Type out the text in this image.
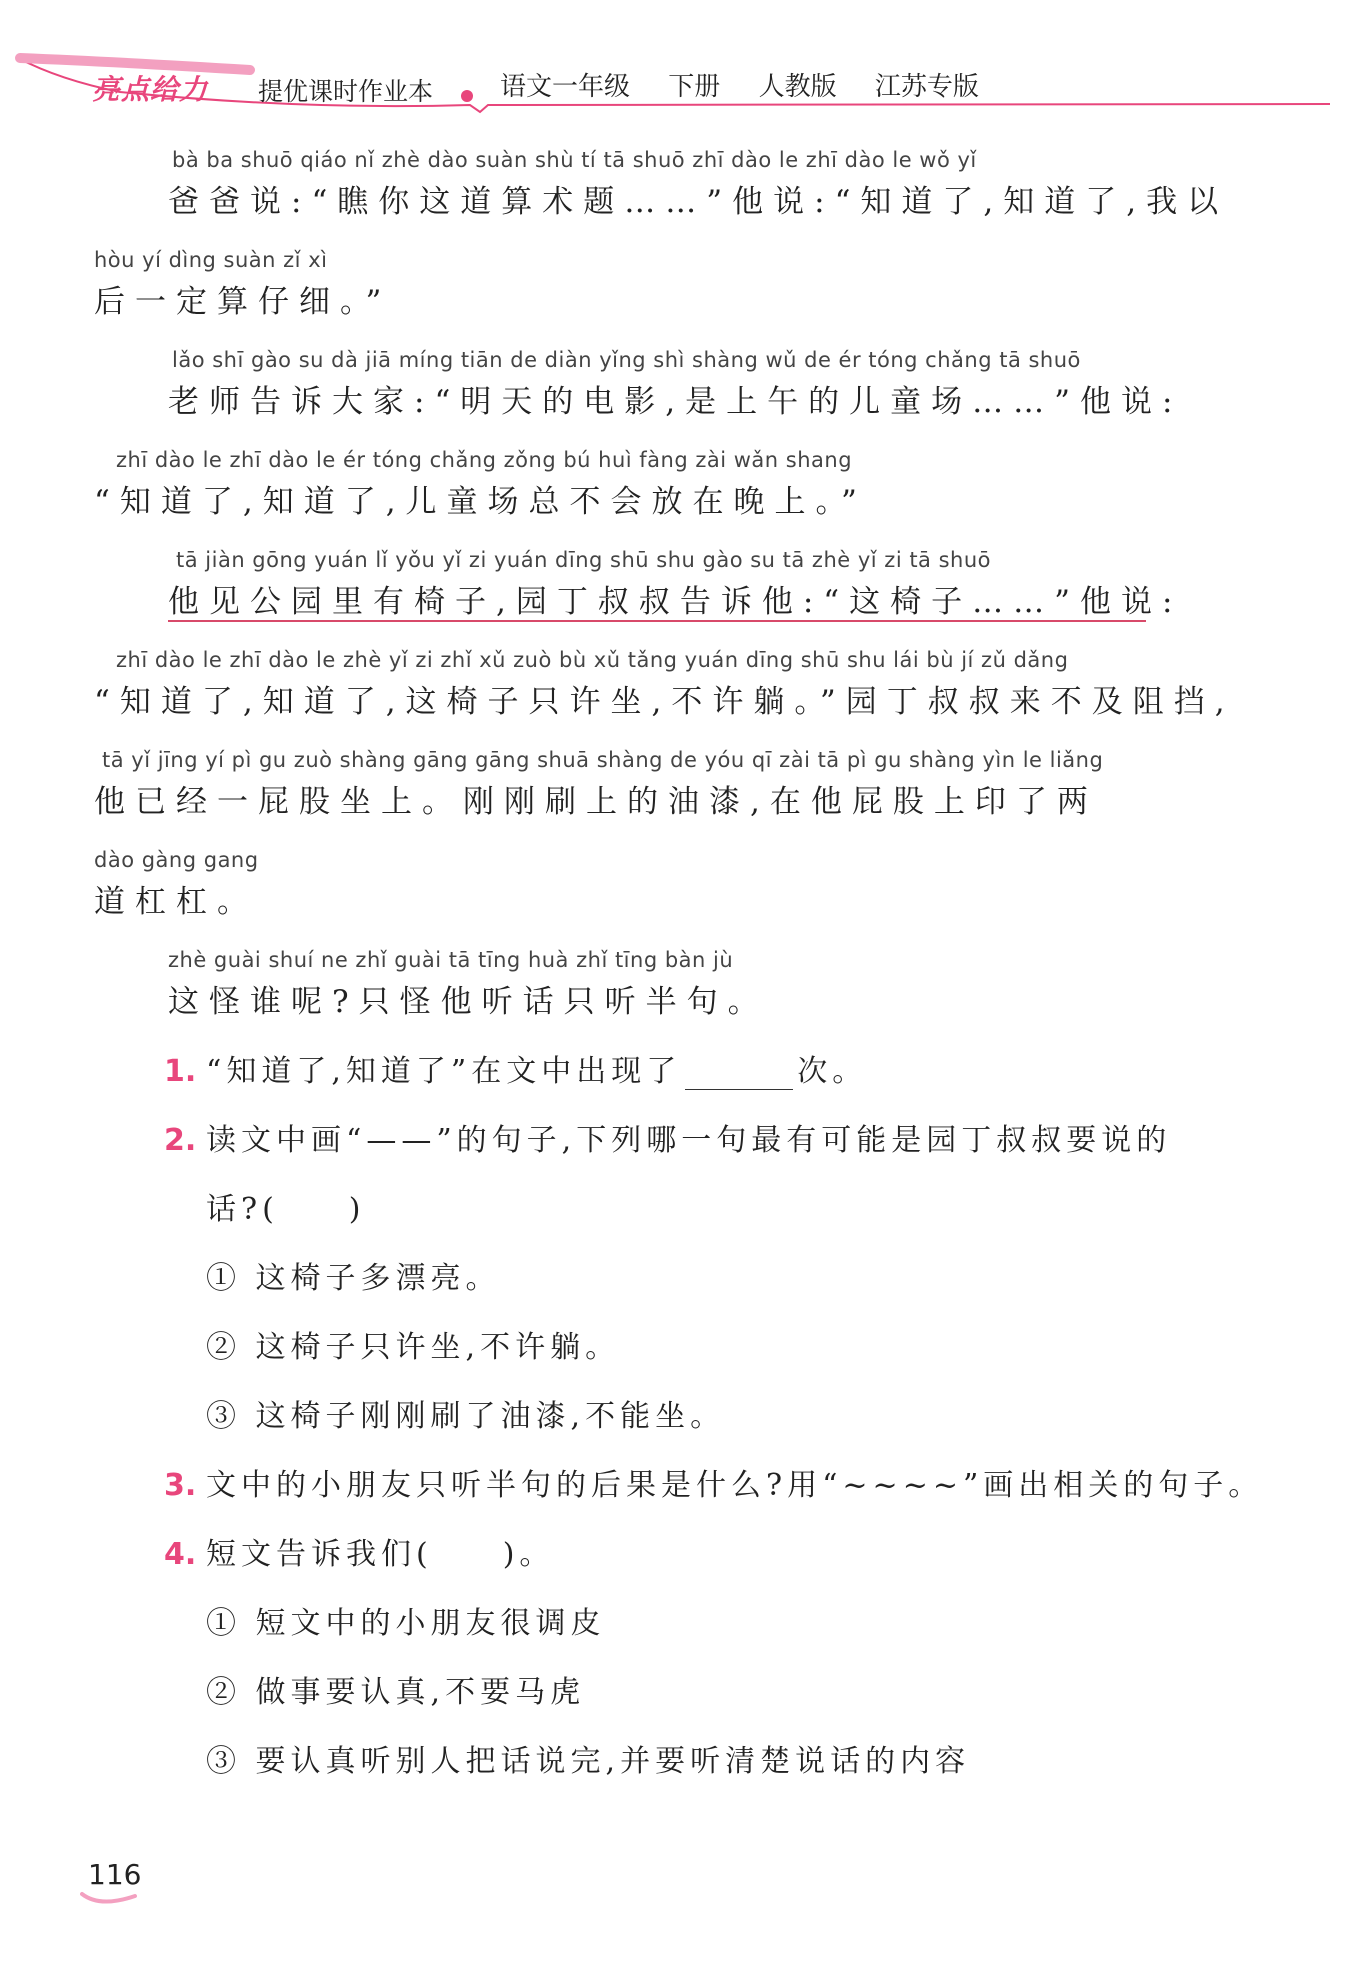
亮点给力 提优课时作业本	语文一年级 下册 人教版 江苏专版
bà ba shuō qiáo nǐ zhè dào suàn shù tí tā shuō zhī dào le zhī dào le wǒ yǐ
爸爸说:“瞧你这道算术题……”他说:“知道了,知道了,我以
hòu yí dìng suàn zǐ xì
后一定算仔细。”
lǎo shī gào su dà jiā míng tiān de diàn yǐng shì shàng wǔ de ér tóng chǎng tā shuō
老师告诉大家:“明天的电影,是上午的儿童场……”他说:
zhī dào le zhī dào le ér tóng chǎng zǒng bú huì fàng zài wǎn shang
“知道了,知道了,儿童场总不会放在晚上。”
tā jiàn gōng yuán lǐ yǒu yǐ zi yuán dīng shū shu gào su tā zhè yǐ zi tā shuō
他见公园里有椅子,园丁叔叔告诉他:“这椅子……”他说:
zhī dào le zhī dào le zhè yǐ zi zhǐ xǔ zuò bù xǔ tǎng yuán dīng shū shu lái bù jí zǔ dǎng
“知道了,知道了,这椅子只许坐,不许躺。”园丁叔叔来不及阻挡,
tā yǐ jīng yí pì gu zuò shàng gāng gāng shuā shàng de yóu qī zài tā pì gu shàng yìn le liǎng
他已经一屁股坐上。刚刚刷上的油漆,在他屁股上印了两
dào gàng gang
道杠杠。
zhè guài shuí ne zhǐ guài tā tīng huà zhǐ tīng bàn jù
这怪谁呢?只怪他听话只听半句。
1. “知道了,知道了”在文中出现了	次。
2. 读文中画“——”的句子,下列哪一句最有可能是园丁叔叔要说的
话?( )
① 这椅子多漂亮。
② 这椅子只许坐,不许躺。
③ 这椅子刚刚刷了油漆,不能坐。
3. 文中的小朋友只听半句的后果是什么?用“~~~~”画出相关的句子。
4. 短文告诉我们( )。
① 短文中的小朋友很调皮
② 做事要认真,不要马虎
③ 要认真听别人把话说完,并要听清楚说话的内容
116
